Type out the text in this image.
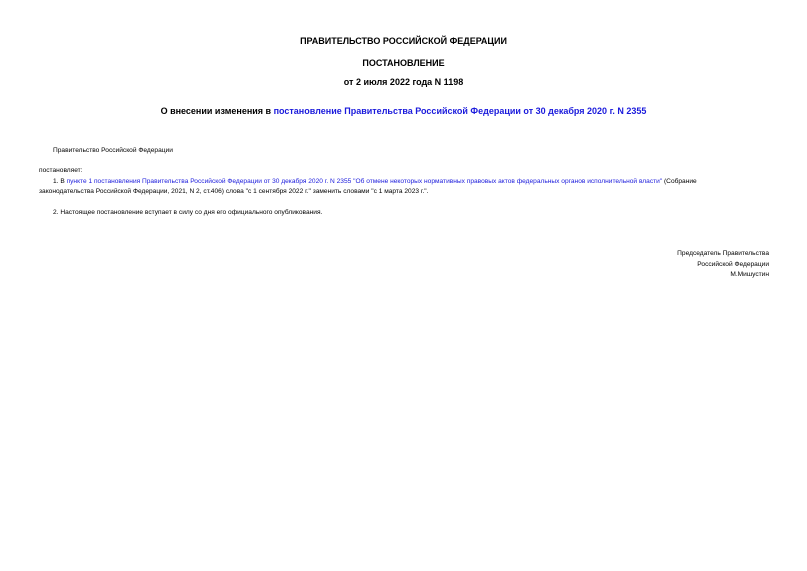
ПРАВИТЕЛЬСТВО РОССИЙСКОЙ ФЕДЕРАЦИИ
ПОСТАНОВЛЕНИЕ
от 2 июля 2022 года N 1198
О внесении изменения в постановление Правительства Российской Федерации от 30 декабря 2020 г. N 2355
Правительство Российской Федерации
постановляет:
1. В пункте 1 постановления Правительства Российской Федерации от 30 декабря 2020 г. N 2355 "Об отмене некоторых нормативных правовых актов федеральных органов исполнительной власти" (Собрание
законодательства Российской Федерации, 2021, N 2, ст.406) слова "с 1 сентября 2022 г." заменить словами "с 1 марта 2023 г.".
2. Настоящее постановление вступает в силу со дня его официального опубликования.
Председатель Правительства
Российской Федерации
М.Мишустин
